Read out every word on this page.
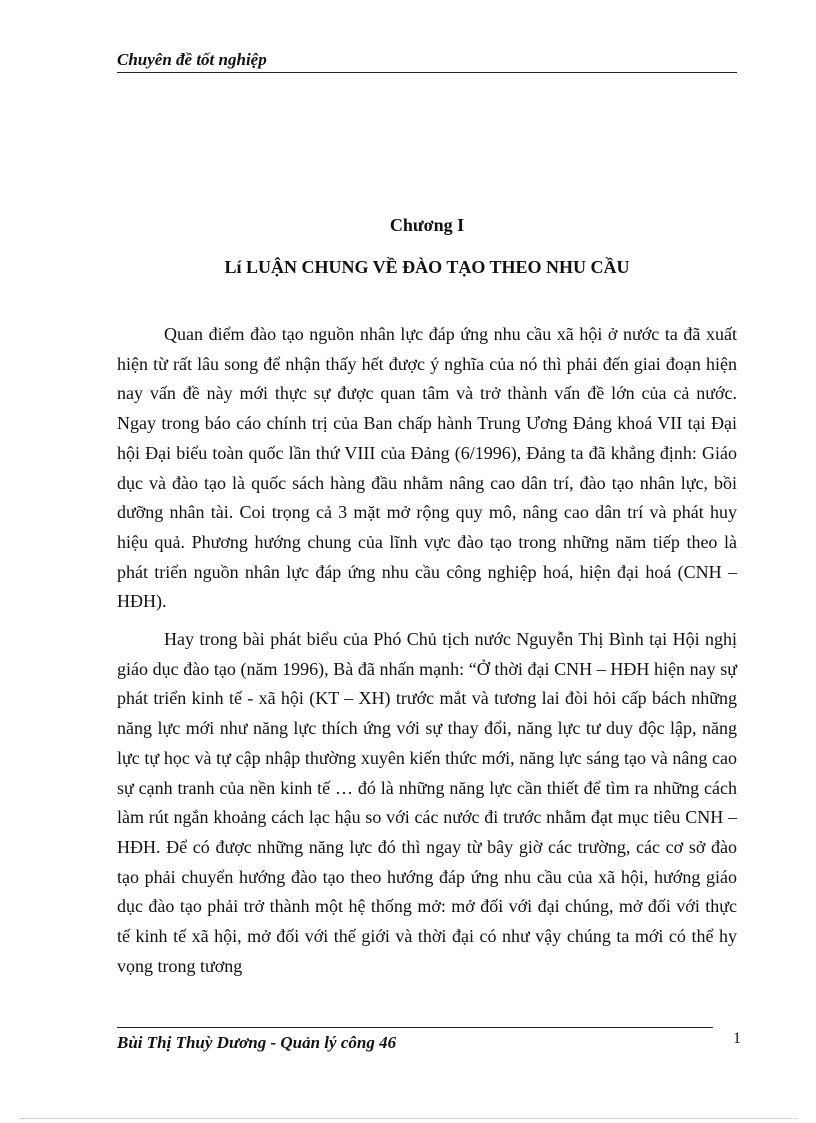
Chuyên đề tốt nghiệp
Chương I
Lí LUẬN CHUNG VỀ ĐÀO TẠO THEO NHU CẦU

Quan điểm đào tạo nguồn nhân lực đáp ứng nhu cầu xã hội ở nước ta đã xuất hiện từ rất lâu song để nhận thấy hết được ý nghĩa của nó thì phải đến giai đoạn hiện nay vấn đề này mới thực sự được quan tâm và trở thành vấn đề lớn của cả nước. Ngay trong báo cáo chính trị của Ban chấp hành Trung Ương Đảng khoá VII tại Đại hội Đại biểu toàn quốc lần thứ VIII của Đảng (6/1996), Đảng ta đã khẳng định: Giáo dục và đào tạo là quốc sách hàng đầu nhằm nâng cao dân trí, đào tạo nhân lực, bồi dưỡng nhân tài. Coi trọng cả 3 mặt mở rộng quy mô, nâng cao dân trí và phát huy hiệu quả. Phương hướng chung của lĩnh vực đào tạo trong những năm tiếp theo là phát triển nguồn nhân lực đáp ứng nhu cầu công nghiệp hoá, hiện đại hoá (CNH – HĐH).

Hay trong bài phát biểu của Phó Chủ tịch nước Nguyễn Thị Bình tại Hội nghị giáo dục đào tạo (năm 1996), Bà đã nhấn mạnh: “Ở thời đại CNH – HĐH hiện nay sự phát triển kinh tế - xã hội (KT – XH) trước mắt và tương lai đòi hỏi cấp bách những năng lực mới như năng lực thích ứng với sự thay đổi, năng lực tư duy độc lập, năng lực tự học và tự cập nhập thường xuyên kiến thức mới, năng lực sáng tạo và nâng cao sự cạnh tranh của nền kinh tế … đó là những năng lực cần thiết để tìm ra những cách làm rút ngắn khoảng cách lạc hậu so với các nước đi trước nhằm đạt mục tiêu CNH – HĐH. Để có được những năng lực đó thì ngay từ bây giờ các trường, các cơ sở đào tạo phải chuyển hướng đào tạo theo hướng đáp ứng nhu cầu của xã hội, hướng giáo dục đào tạo phải trở thành một hệ thống mở: mở đối với đại chúng, mở đối với thực tế kinh tế xã hội, mở đối với thế giới và thời đại có như vậy chúng ta mới có thể hy vọng trong tương

Bùi Thị Thuỳ Dương - Quản lý công 46	1
